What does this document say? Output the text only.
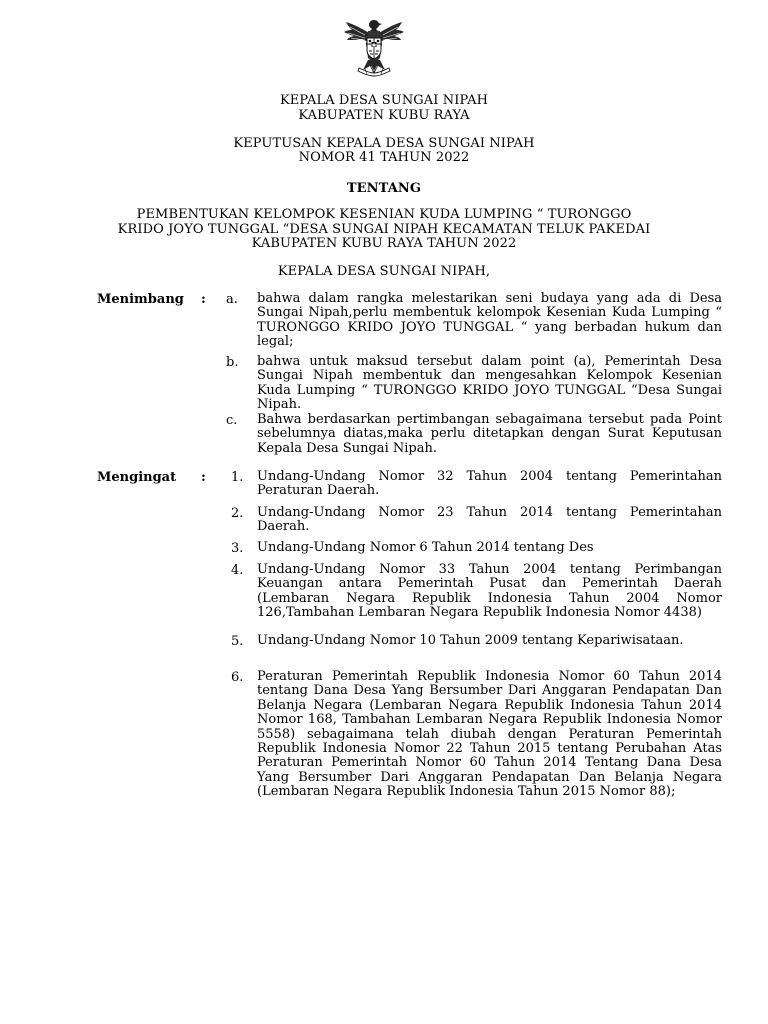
KEPALA DESA SUNGAI NIPAH
KABUPATEN KUBU RAYA
KEPUTUSAN KEPALA DESA SUNGAI NIPAH
NOMOR 41 TAHUN 2022
TENTANG
PEMBENTUKAN KELOMPOK KESENIAN KUDA LUMPING “ TURONGGO
KRIDO JOYO TUNGGAL “DESA SUNGAI NIPAH KECAMATAN TELUK PAKEDAI
KABUPATEN KUBU RAYA TAHUN 2022
KEPALA DESA SUNGAI NIPAH,
Menimbang : a. bahwa dalam rangka melestarikan seni budaya yang ada di Desa Sungai Nipah,perlu membentuk kelompok Kesenian Kuda Lumping “ TURONGGO KRIDO JOYO TUNGGAL “ yang berbadan hukum dan legal;
b. bahwa untuk maksud tersebut dalam point (a), Pemerintah Desa Sungai Nipah membentuk dan mengesahkan Kelompok Kesenian Kuda Lumping “ TURONGGO KRIDO JOYO TUNGGAL “Desa Sungai Nipah.
c. Bahwa berdasarkan pertimbangan sebagaimana tersebut pada Point sebelumnya diatas,maka perlu ditetapkan dengan Surat Keputusan Kepala Desa Sungai Nipah.
Mengingat : 1. Undang-Undang Nomor 32 Tahun 2004 tentang Pemerintahan Peraturan Daerah.
2. Undang-Undang Nomor 23 Tahun 2014 tentang Pemerintahan Daerah.
3. Undang-Undang Nomor 6 Tahun 2014 tentang Des
4. Undang-Undang Nomor 33 Tahun 2004 tentang Perimbangan Keuangan antara Pemerintah Pusat dan Pemerintah Daerah (Lembaran Negara Republik Indonesia Tahun 2004 Nomor 126,Tambahan Lembaran Negara Republik Indonesia Nomor 4438)
5. Undang-Undang Nomor 10 Tahun 2009 tentang Kepariwisataan.
6. Peraturan Pemerintah Republik Indonesia Nomor 60 Tahun 2014 tentang Dana Desa Yang Bersumber Dari Anggaran Pendapatan Dan Belanja Negara (Lembaran Negara Republik Indonesia Tahun 2014 Nomor 168, Tambahan Lembaran Negara Republik Indonesia Nomor 5558) sebagaimana telah diubah dengan Peraturan Pemerintah Republik Indonesia Nomor 22 Tahun 2015 tentang Perubahan Atas Peraturan Pemerintah Nomor 60 Tahun 2014 Tentang Dana Desa Yang Bersumber Dari Anggaran Pendapatan Dan Belanja Negara (Lembaran Negara Republik Indonesia Tahun 2015 Nomor 88);
